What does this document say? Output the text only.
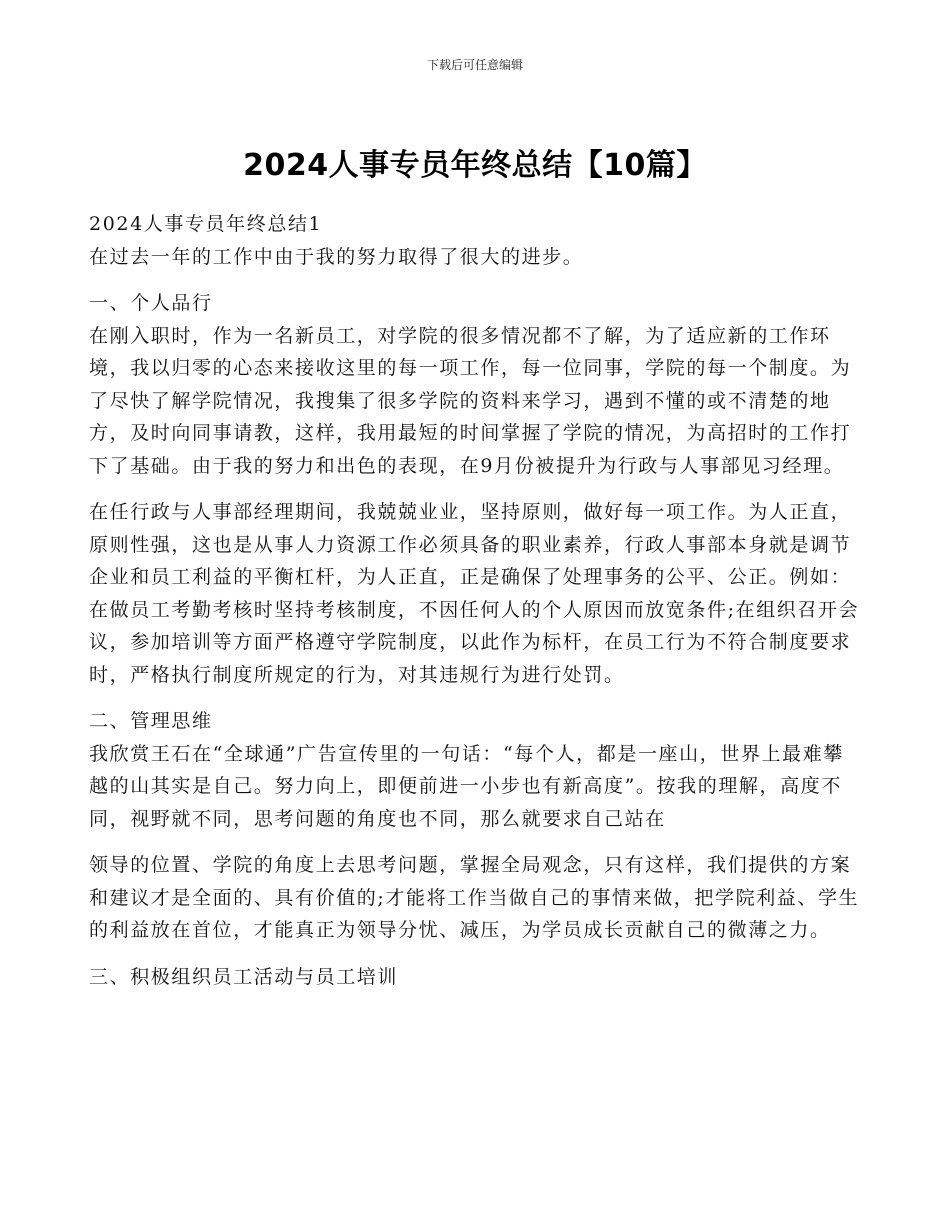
下载后可任意编辑
2024人事专员年终总结【10篇】

2024人事专员年终总结1

在过去一年的工作中由于我的努力取得了很大的进步。

一、个人品行

在刚入职时，作为一名新员工，对学院的很多情况都不了解，为了适应新的工作环境，我以归零的心态来接收这里的每一项工作，每一位同事，学院的每一个制度。为了尽快了解学院情况，我搜集了很多学院的资料来学习，遇到不懂的或不清楚的地方，及时向同事请教，这样，我用最短的时间掌握了学院的情况，为高招时的工作打下了基础。由于我的努力和出色的表现，在9月份被提升为行政与人事部见习经理。

在任行政与人事部经理期间，我兢兢业业，坚持原则，做好每一项工作。为人正直，原则性强，这也是从事人力资源工作必须具备的职业素养，行政人事部本身就是调节企业和员工利益的平衡杠杆，为人正直，正是确保了处理事务的公平、公正。例如：在做员工考勤考核时坚持考核制度，不因任何人的个人原因而放宽条件;在组织召开会议，参加培训等方面严格遵守学院制度，以此作为标杆，在员工行为不符合制度要求时，严格执行制度所规定的行为，对其违规行为进行处罚。

二、管理思维

我欣赏王石在“全球通”广告宣传里的一句话：“每个人，都是一座山，世界上最难攀越的山其实是自己。努力向上，即便前进一小步也有新高度”。按我的理解，高度不同，视野就不同，思考问题的角度也不同，那么就要求自己站在

领导的位置、学院的角度上去思考问题，掌握全局观念，只有这样，我们提供的方案和建议才是全面的、具有价值的;才能将工作当做自己的事情来做，把学院利益、学生的利益放在首位，才能真正为领导分忧、减压，为学员成长贡献自己的微薄之力。

三、积极组织员工活动与员工培训
